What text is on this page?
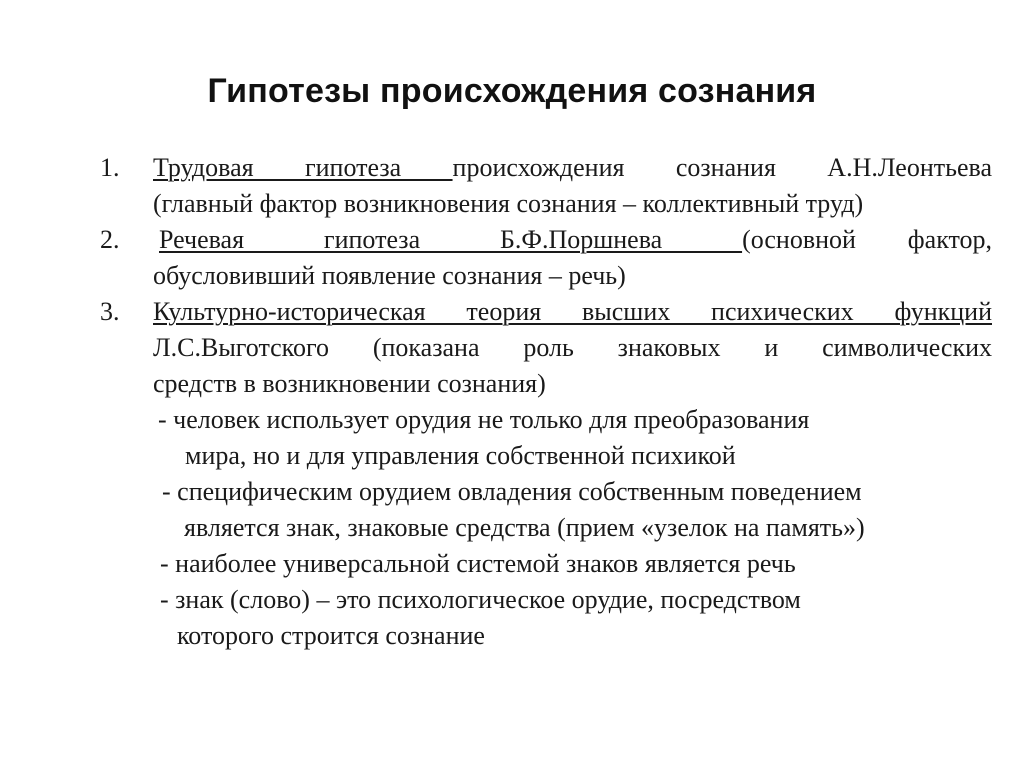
Гипотезы происхождения сознания
1.	Трудовая гипотеза происхождения сознания А.Н.Леонтьева
(главный фактор возникновения сознания – коллективный труд)
2.	Речевая гипотеза Б.Ф.Поршнева (основной фактор,
обусловивший появление сознания – речь)
3.	Культурно-историческая теория высших психических функций
Л.С.Выготского (показана роль знаковых и символических
средств в возникновении сознания)
- человек использует орудия не только для преобразования
мира, но и для управления собственной психикой
- специфическим орудием овладения собственным поведением
является знак, знаковые средства (прием «узелок на память»)
- наиболее универсальной системой знаков является речь
- знак (слово) – это психологическое орудие, посредством
которого строится сознание
